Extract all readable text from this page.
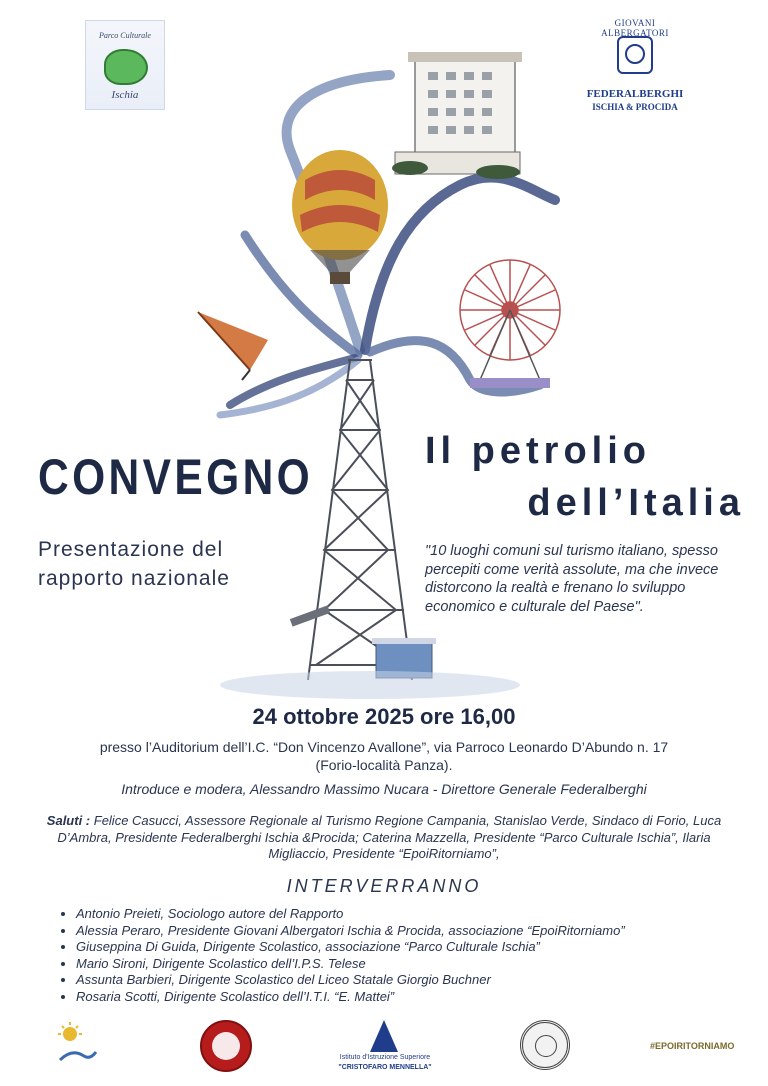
Parco Culturale
Ischia
GIOVANI ALBERGATORI
FEDERALBERGHI
ISCHIA & PROCIDA
CONVEGNO
Presentazione del
rapporto nazionale
Il petrolio
dell’Italia
"10 luoghi comuni sul turismo italiano, spesso percepiti come verità assolute, ma che invece distorcono la realtà e frenano lo sviluppo economico e culturale del Paese".
24 ottobre 2025 ore 16,00
presso l’Auditorium dell’I.C. “Don Vincenzo Avallone”, via Parroco Leonardo D’Abundo n. 17
(Forio-località Panza).
Introduce e modera, Alessandro Massimo Nucara - Direttore Generale Federalberghi
Saluti : Felice Casucci, Assessore Regionale al Turismo Regione Campania, Stanislao Verde, Sindaco di Forio, Luca D’Ambra, Presidente Federalberghi Ischia &Procida; Caterina Mazzella, Presidente “Parco Culturale Ischia”, Ilaria Migliaccio, Presidente “EpoiRitorniamo”,
INTERVERRANNO
• Antonio Preieti, Sociologo autore del Rapporto
• Alessia Peraro, Presidente Giovani Albergatori Ischia & Procida, associazione “EpoiRitorniamo”
• Giuseppina Di Guida, Dirigente Scolastico, associazione “Parco Culturale Ischia”
• Mario Sironi, Dirigente Scolastico dell’I.P.S. Telese
• Assunta Barbieri, Dirigente Scolastico del Liceo Statale Giorgio Buchner
• Rosaria Scotti, Dirigente Scolastico dell’I.T.I. “E. Mattei”
Istituto d'Istruzione Superiore
"CRISTOFARO MENNELLA"
#EPOIRITORNIAMO
